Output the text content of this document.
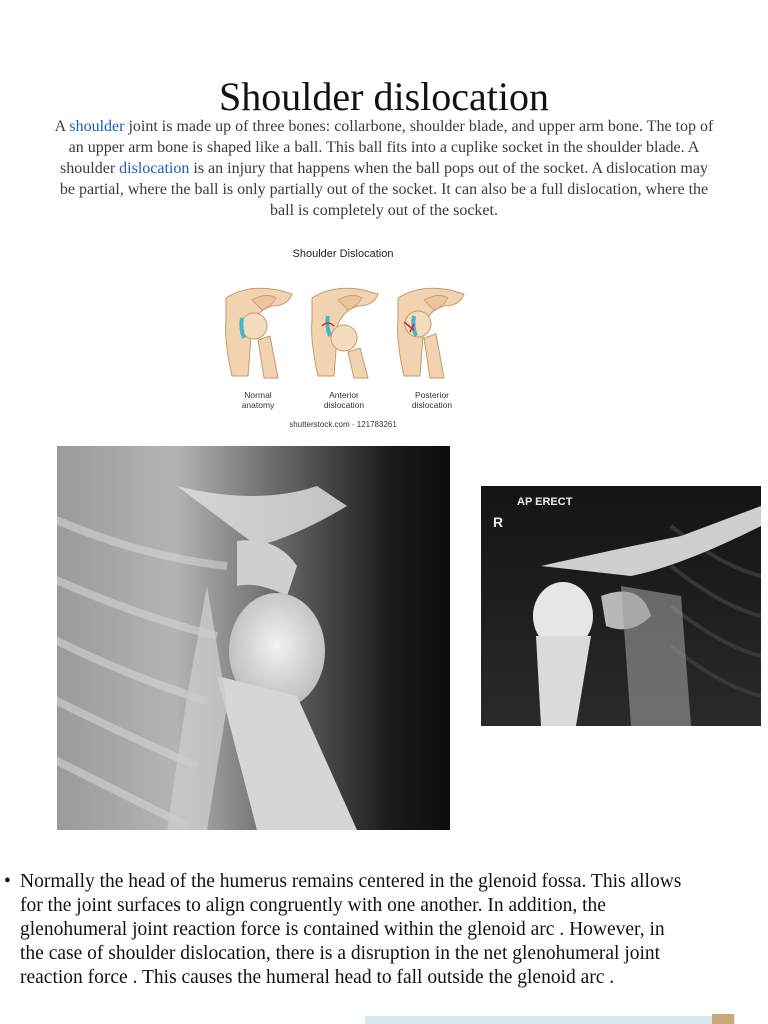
Shoulder dislocation
A shoulder joint is made up of three bones: collarbone, shoulder blade, and upper arm bone. The top of an upper arm bone is shaped like a ball. This ball fits into a cuplike socket in the shoulder blade. A shoulder dislocation is an injury that happens when the ball pops out of the socket. A dislocation may be partial, where the ball is only partially out of the socket. It can also be a full dislocation, where the ball is completely out of the socket.
Shoulder Dislocation
Normal
anatomy
Anterior
dislocation
Posterior
dislocation
shutterstock.com · 121783261
AP ERECT
R
• Normally the head of the humerus remains centered in the glenoid fossa. This allows
for the joint surfaces to align congruently with one another. In addition, the
glenohumeral joint reaction force is contained within the glenoid arc . However, in
the case of shoulder dislocation, there is a disruption in the net glenohumeral joint
reaction force . This causes the humeral head to fall outside the glenoid arc .
